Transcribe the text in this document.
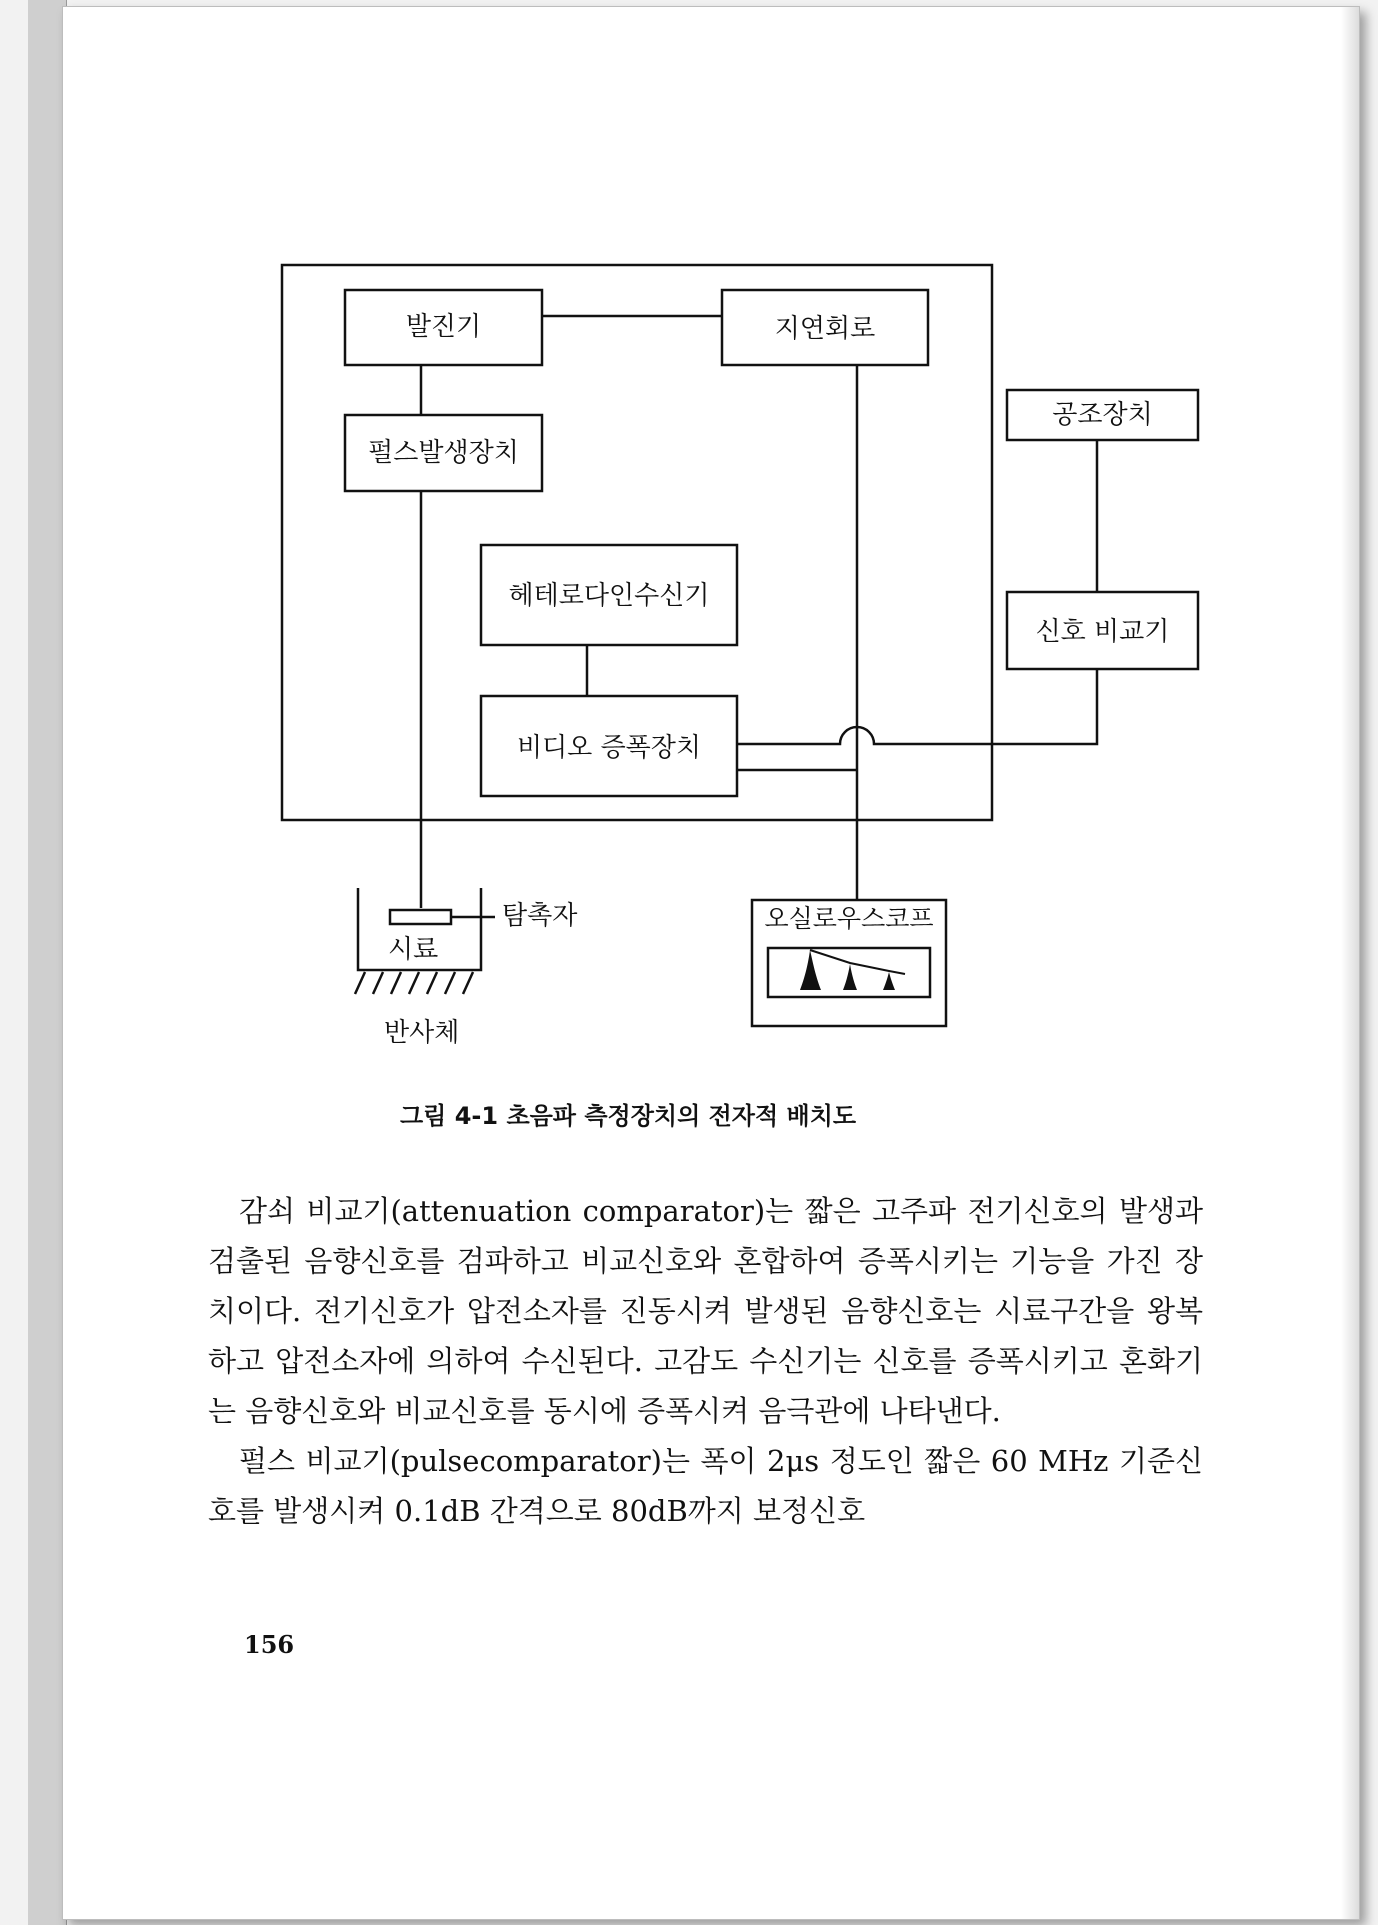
발진기	지연회로
펄스발생장치
공조장치
헤테로다인수신기
신호 비교기
비디오 증폭장치
오실로우스코프
탐촉자
시료
반사체
그림 4-1 초음파 측정장치의 전자적 배치도

감쇠 비교기(attenuation comparator)는 짧은 고주파 전기신호의 발생과 검출된 음향신호를 검파하고 비교신호와 혼합하여 증폭시키는 기능을 가진 장치이다. 전기신호가 압전소자를 진동시켜 발생된 음향신호는 시료구간을 왕복하고 압전소자에 의하여 수신된다. 고감도 수신기는 신호를 증폭시키고 혼화기는 음향신호와 비교신호를 동시에 증폭시켜 음극관에 나타낸다.

펄스 비교기(pulsecomparator)는 폭이 2μs 정도인 짧은 60 MHz 기준신호를 발생시켜 0.1dB 간격으로 80dB까지 보정신호

156
